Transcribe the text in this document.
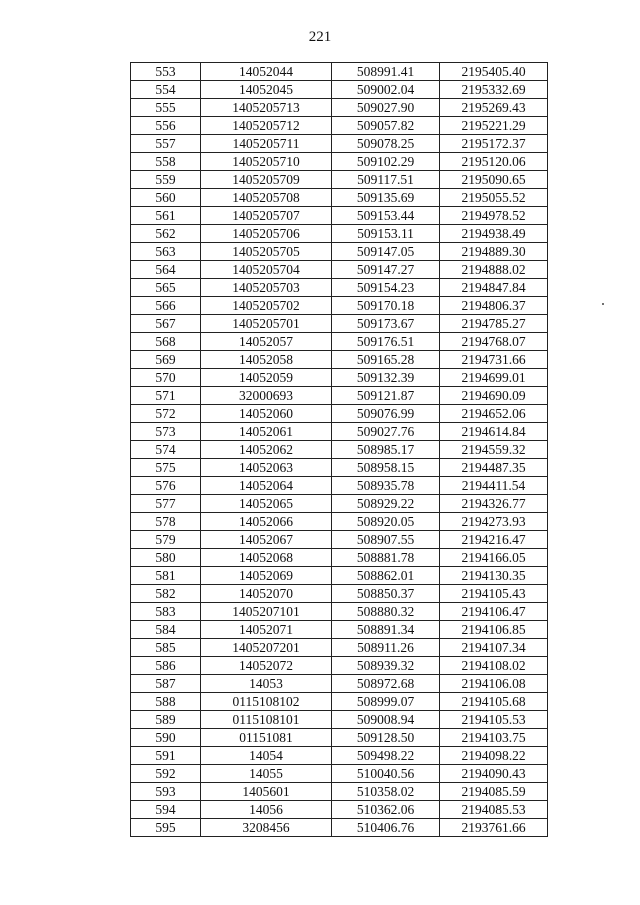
221
553	14052044	508991.41	2195405.40
554	14052045	509002.04	2195332.69
555	1405205713	509027.90	2195269.43
556	1405205712	509057.82	2195221.29
557	1405205711	509078.25	2195172.37
558	1405205710	509102.29	2195120.06
559	1405205709	509117.51	2195090.65
560	1405205708	509135.69	2195055.52
561	1405205707	509153.44	2194978.52
562	1405205706	509153.11	2194938.49
563	1405205705	509147.05	2194889.30
564	1405205704	509147.27	2194888.02
565	1405205703	509154.23	2194847.84
566	1405205702	509170.18	2194806.37
567	1405205701	509173.67	2194785.27
568	14052057	509176.51	2194768.07
569	14052058	509165.28	2194731.66
570	14052059	509132.39	2194699.01
571	32000693	509121.87	2194690.09
572	14052060	509076.99	2194652.06
573	14052061	509027.76	2194614.84
574	14052062	508985.17	2194559.32
575	14052063	508958.15	2194487.35
576	14052064	508935.78	2194411.54
577	14052065	508929.22	2194326.77
578	14052066	508920.05	2194273.93
579	14052067	508907.55	2194216.47
580	14052068	508881.78	2194166.05
581	14052069	508862.01	2194130.35
582	14052070	508850.37	2194105.43
583	1405207101	508880.32	2194106.47
584	14052071	508891.34	2194106.85
585	1405207201	508911.26	2194107.34
586	14052072	508939.32	2194108.02
587	14053	508972.68	2194106.08
588	0115108102	508999.07	2194105.68
589	0115108101	509008.94	2194105.53
590	01151081	509128.50	2194103.75
591	14054	509498.22	2194098.22
592	14055	510040.56	2194090.43
593	1405601	510358.02	2194085.59
594	14056	510362.06	2194085.53
595	3208456	510406.76	2193761.66
